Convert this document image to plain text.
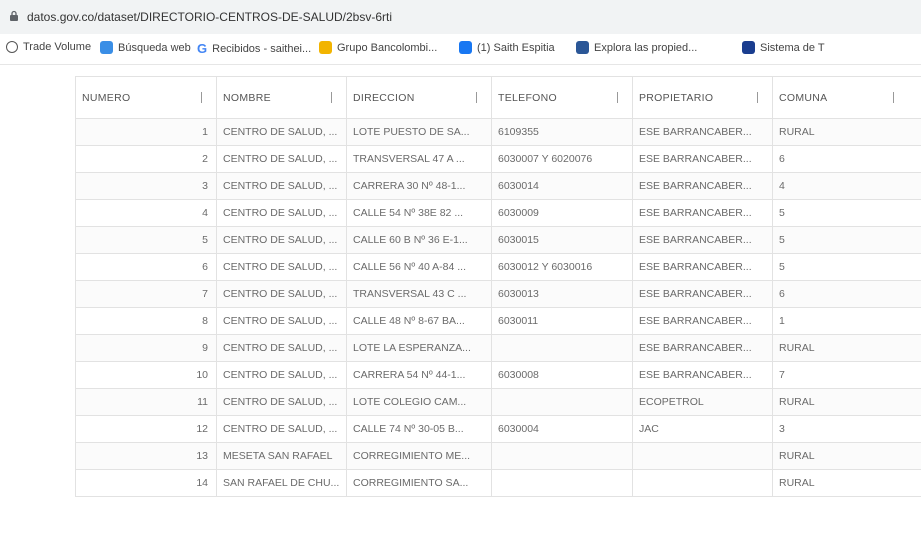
datos.gov.co/dataset/DIRECTORIO-CENTROS-DE-SALUD/2bsv-6rti
Trade Volume Búsqueda web G Recibidos - saithei... Grupo Bancolombi...	(1) Saith Espitia	Explora las propied...	Sistema de T
NUMERO	NOMBRE	DIRECCION	TELEFONO	PROPIETARIO	COMUNA

1	CENTRO DE SALUD, ...	LOTE PUESTO DE SA...	6109355	ESE BARRANCABER...	RURAL
2	CENTRO DE SALUD, ...	TRANSVERSAL 47 A ...	6030007 Y 6020076	ESE BARRANCABER...	6
3	CENTRO DE SALUD, ...	CARRERA 30 Nº 48-1...	6030014	ESE BARRANCABER...	4
4	CENTRO DE SALUD, ...	CALLE 54 Nº 38E 82 ...	6030009	ESE BARRANCABER...	5
5	CENTRO DE SALUD, ...	CALLE 60 B Nº 36 E-1...	6030015	ESE BARRANCABER...	5
6	CENTRO DE SALUD, ...	CALLE 56 Nº 40 A-84 ...	6030012 Y 6030016	ESE BARRANCABER...	5
7	CENTRO DE SALUD, ...	TRANSVERSAL 43 C ...	6030013	ESE BARRANCABER...	6
8	CENTRO DE SALUD, ...	CALLE 48 Nº 8-67 BA...	6030011	ESE BARRANCABER...	1
9	CENTRO DE SALUD, ...	LOTE LA ESPERANZA...		ESE BARRANCABER...	RURAL
10	CENTRO DE SALUD, ...	CARRERA 54 Nº 44-1...	6030008	ESE BARRANCABER...	7
11	CENTRO DE SALUD, ...	LOTE COLEGIO CAM...		ECOPETROL	RURAL
12	CENTRO DE SALUD, ...	CALLE 74 Nº 30-05 B...	6030004	JAC	3
13	MESETA SAN RAFAEL	CORREGIMIENTO ME...			RURAL
14	SAN RAFAEL DE CHU...	CORREGIMIENTO SA...			RURAL
